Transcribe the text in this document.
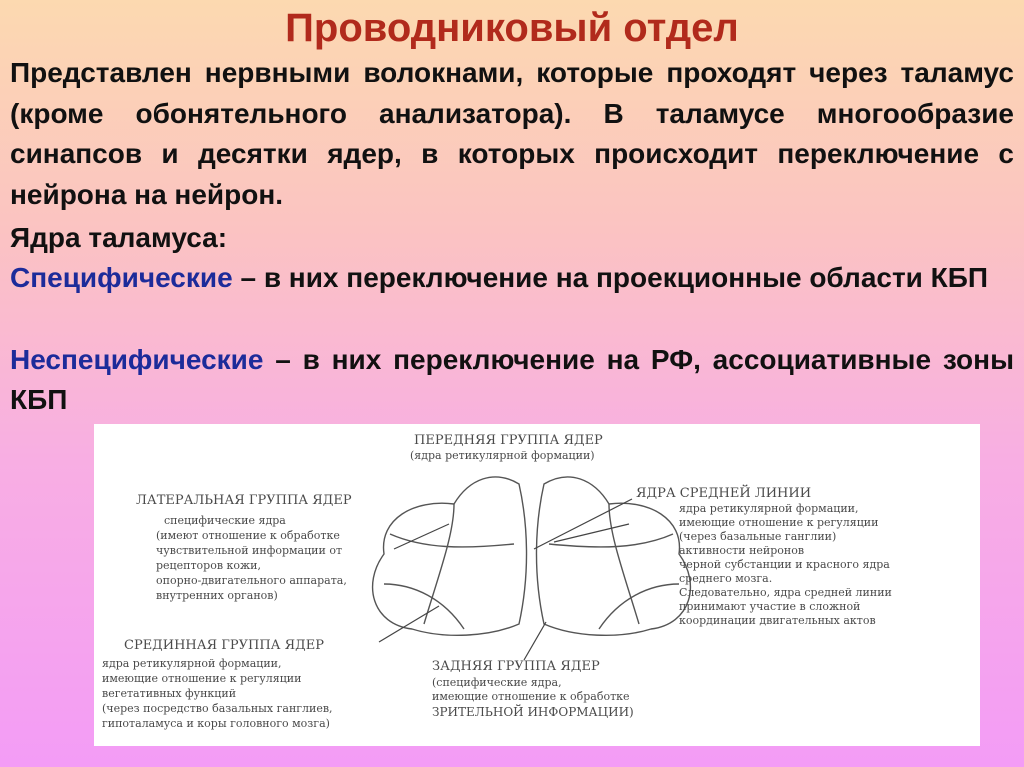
Проводниковый отдел
Представлен нервными волокнами, которые проходят через таламус (кроме обонятельного анализатора). В таламусе многообразие синапсов и десятки ядер, в которых происходит переключение с нейрона на нейрон.
Ядра таламуса:
Специфические – в них переключение на проекционные области КБП
Неспецифические – в них переключение на РФ, ассоциативные зоны КБП
ПЕРЕДНЯЯ ГРУППА ЯДЕР
(ядра ретикулярной формации)
ЛАТЕРАЛЬНАЯ ГРУППА ЯДЕР
специфические ядра
(имеют отношение к обработке
чувствительной информации от
рецепторов кожи,
опорно-двигательного аппарата,
внутренних органов)
ЯДРА СРЕДНЕЙ ЛИНИИ
ядра ретикулярной формации,
имеющие отношение к регуляции
(через базальные ганглии)
активности нейронов
черной субстанции и красного ядра
среднего мозга.
Следовательно, ядра средней линии
принимают участие в сложной
координации двигательных актов
СРЕДИННАЯ ГРУППА ЯДЕР
ядра ретикулярной формации,
имеющие отношение к регуляции
вегетативных функций
(через посредство базальных ганглиев,
гипоталамуса и коры головного мозга)
ЗАДНЯЯ ГРУППА ЯДЕР
(специфические ядра,
имеющие отношение к обработке
ЗРИТЕЛЬНОЙ ИНФОРМАЦИИ)
